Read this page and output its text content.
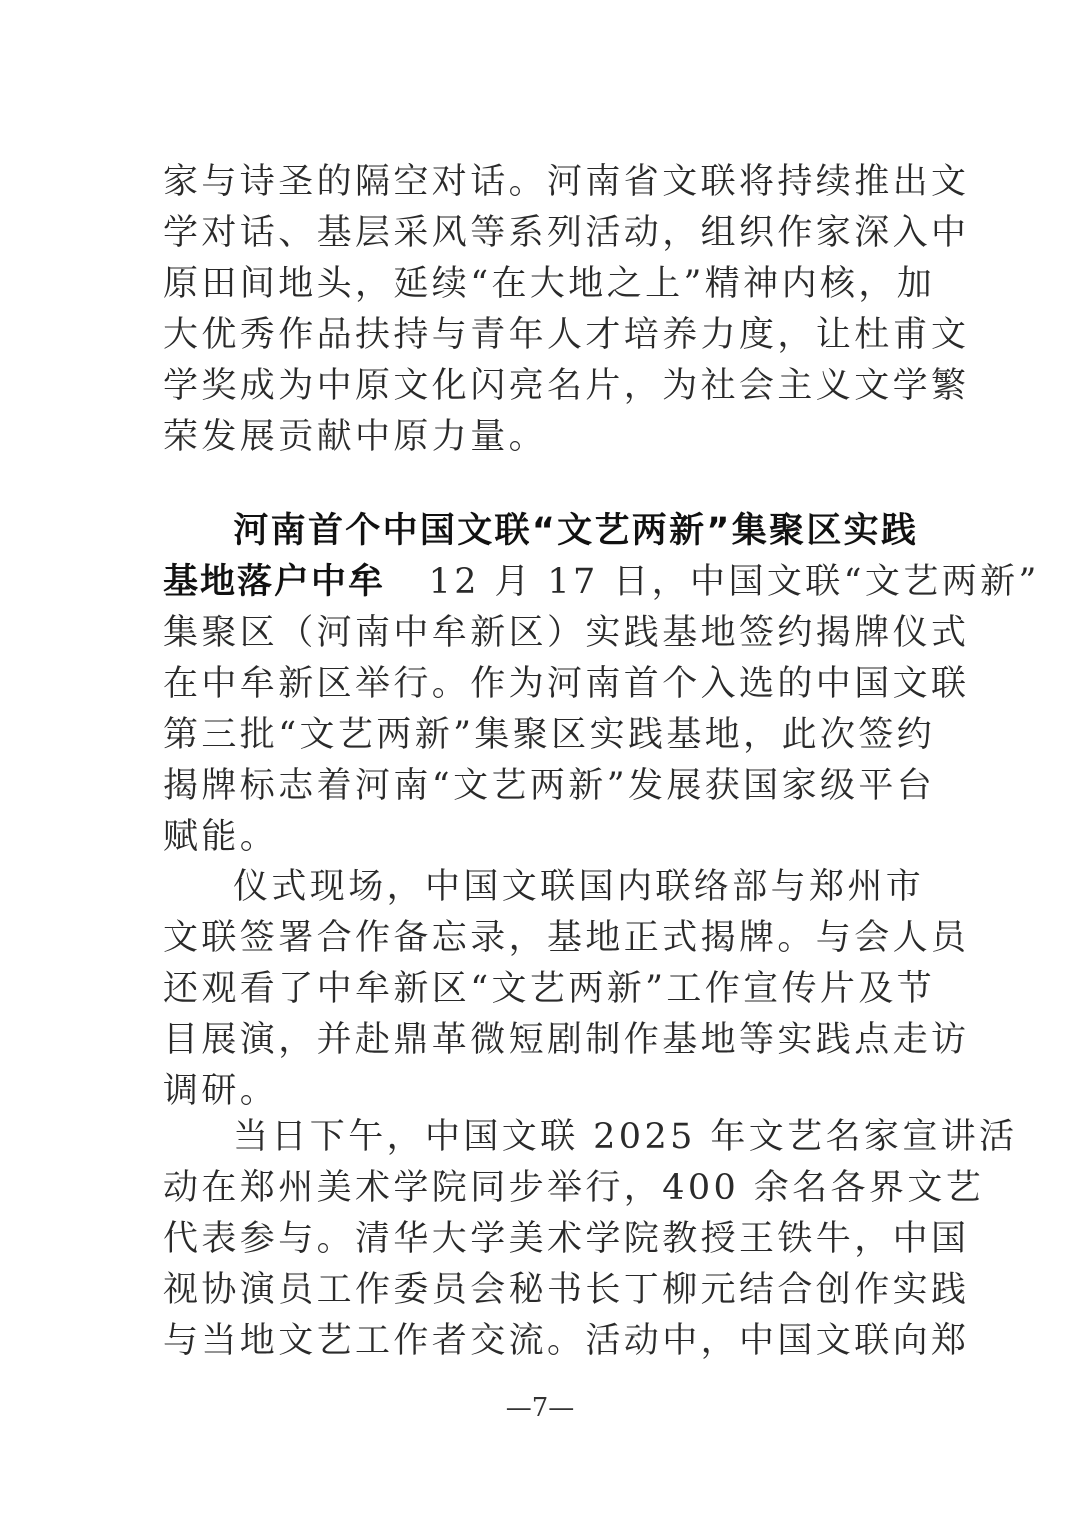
家与诗圣的隔空对话。河南省文联将持续推出文
学对话、基层采风等系列活动，组织作家深入中
原田间地头，延续“在大地之上”精神内核，加
大优秀作品扶持与青年人才培养力度，让杜甫文
学奖成为中原文化闪亮名片，为社会主义文学繁
荣发展贡献中原力量。
河南首个中国文联“文艺两新”集聚区实践
基地落户中牟 12 月 17 日，中国文联“文艺两新”
集聚区（河南中牟新区）实践基地签约揭牌仪式
在中牟新区举行。作为河南首个入选的中国文联
第三批“文艺两新”集聚区实践基地，此次签约
揭牌标志着河南“文艺两新”发展获国家级平台
赋能。
仪式现场，中国文联国内联络部与郑州市
文联签署合作备忘录，基地正式揭牌。与会人员
还观看了中牟新区“文艺两新”工作宣传片及节
目展演，并赴鼎革微短剧制作基地等实践点走访
调研。
当日下午，中国文联 2025 年文艺名家宣讲活
动在郑州美术学院同步举行，400 余名各界文艺
代表参与。清华大学美术学院教授王铁牛，中国
视协演员工作委员会秘书长丁柳元结合创作实践
与当地文艺工作者交流。活动中，中国文联向郑
—7—
